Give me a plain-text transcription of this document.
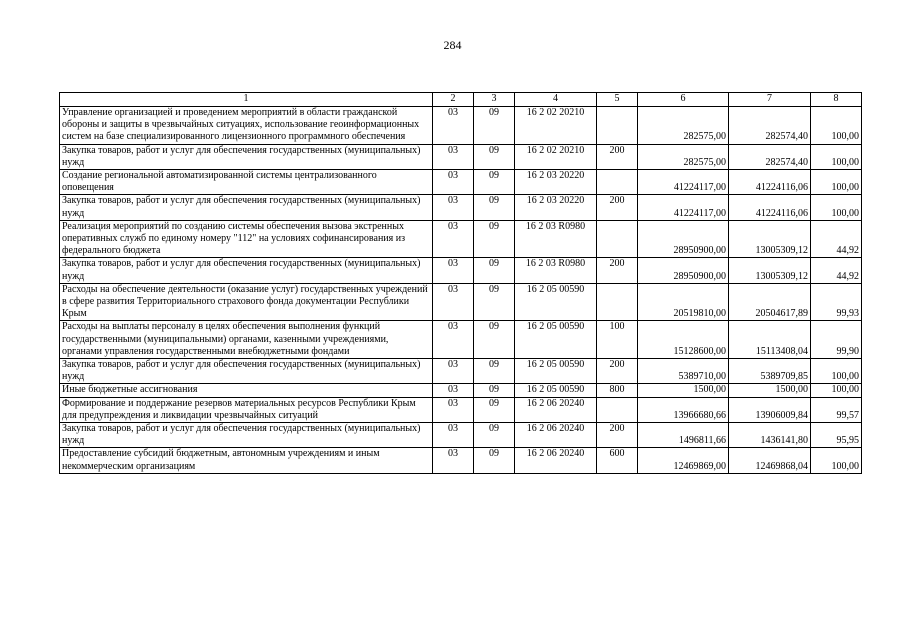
284
1	2	3	4	5	6	7	8
Управление организацией и проведением мероприятий в области гражданской обороны и защиты в чрезвычайных ситуациях, использование геоинформационных систем на базе специализированного лицензионного программного обеспечения	03	09	16 2 02 20210		282575,00	282574,40	100,00
Закупка товаров, работ и услуг для обеспечения государственных (муниципальных) нужд	03	09	16 2 02 20210	200	282575,00	282574,40	100,00
Создание региональной автоматизированной системы централизованного оповещения	03	09	16 2 03 20220		41224117,00	41224116,06	100,00
Закупка товаров, работ и услуг для обеспечения государственных (муниципальных) нужд	03	09	16 2 03 20220	200	41224117,00	41224116,06	100,00
Реализация мероприятий по созданию системы обеспечения вызова экстренных оперативных служб по единому номеру "112" на условиях софинансирования из федерального бюджета	03	09	16 2 03 R0980		28950900,00	13005309,12	44,92
Закупка товаров, работ и услуг для обеспечения государственных (муниципальных) нужд	03	09	16 2 03 R0980	200	28950900,00	13005309,12	44,92
Расходы на обеспечение деятельности (оказание услуг) государственных учреждений в сфере развития Территориального страхового фонда документации Республики Крым	03	09	16 2 05 00590		20519810,00	20504617,89	99,93
Расходы на выплаты персоналу в целях обеспечения выполнения функций государственными (муниципальными) органами, казенными учреждениями, органами управления государственными внебюджетными фондами	03	09	16 2 05 00590	100	15128600,00	15113408,04	99,90
Закупка товаров, работ и услуг для обеспечения государственных (муниципальных) нужд	03	09	16 2 05 00590	200	5389710,00	5389709,85	100,00
Иные бюджетные ассигнования	03	09	16 2 05 00590	800	1500,00	1500,00	100,00
Формирование и поддержание резервов материальных ресурсов Республики Крым для предупреждения и ликвидации чрезвычайных ситуаций	03	09	16 2 06 20240		13966680,66	13906009,84	99,57
Закупка товаров, работ и услуг для обеспечения государственных (муниципальных) нужд	03	09	16 2 06 20240	200	1496811,66	1436141,80	95,95
Предоставление субсидий бюджетным, автономным учреждениям и иным некоммерческим организациям	03	09	16 2 06 20240	600	12469869,00	12469868,04	100,00
